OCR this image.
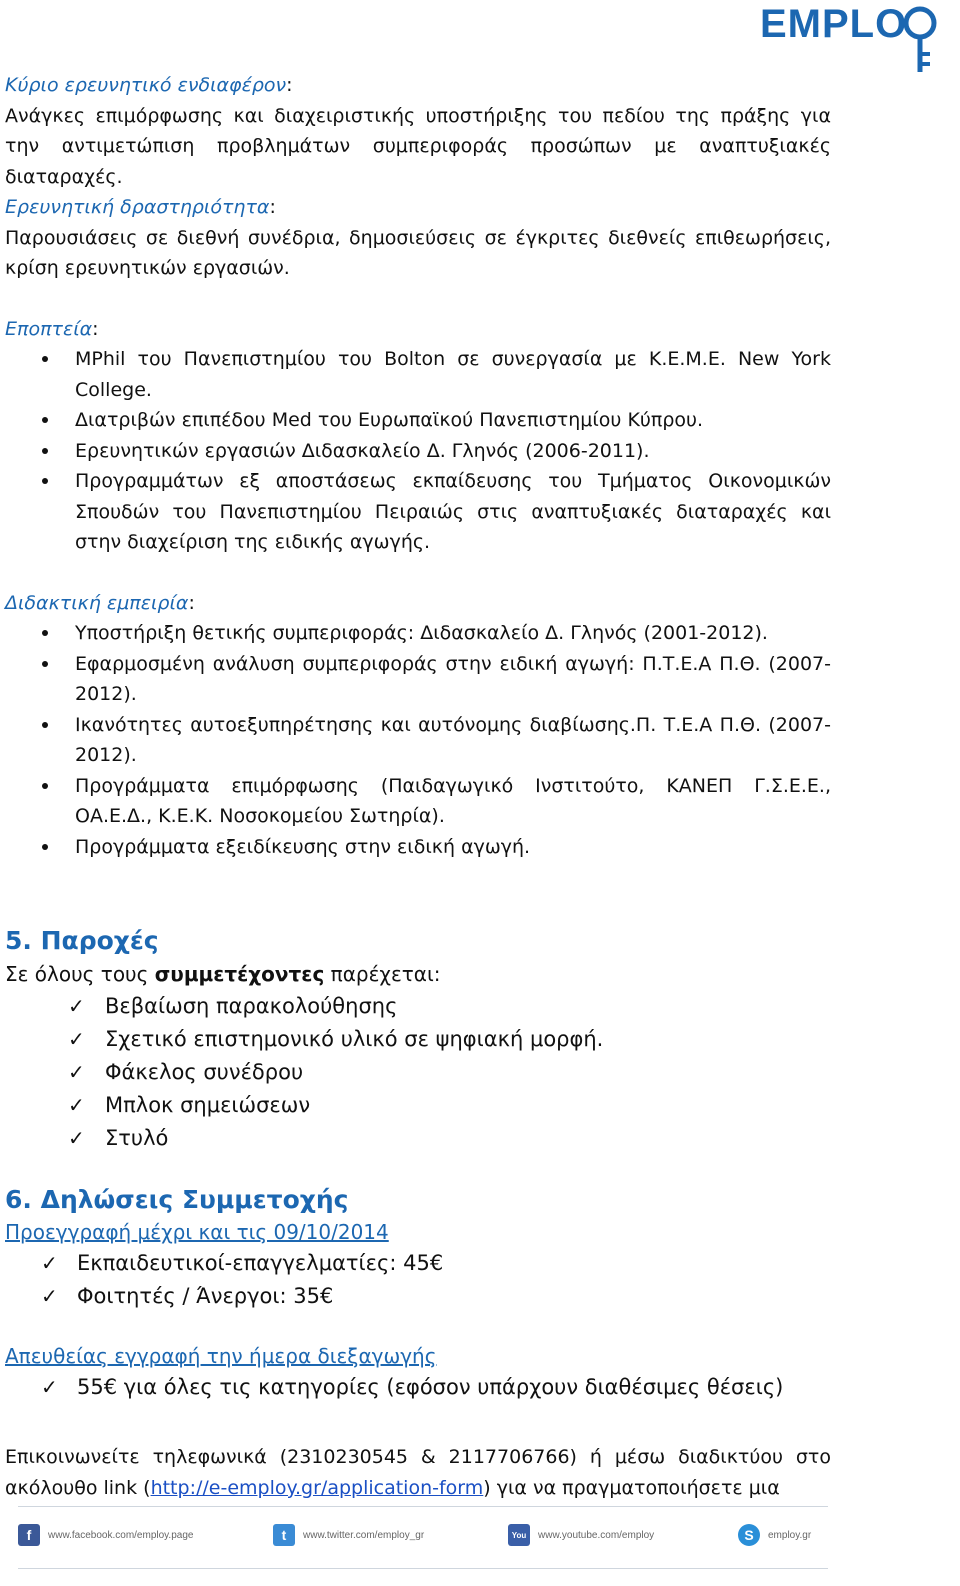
EMPLO

Κύριο ερευνητικό ενδιαφέρον:
Ανάγκες επιμόρφωσης και διαχειριστικής υποστήριξης του πεδίου της πράξης για την αντιμετώπιση προβλημάτων συμπεριφοράς προσώπων με αναπτυξιακές διαταραχές.

Ερευνητική δραστηριότητα:
Παρουσιάσεις σε διεθνή συνέδρια, δημοσιεύσεις σε έγκριτες διεθνείς επιθεωρήσεις, κρίση ερευνητικών εργασιών.

Εποπτεία:

MPhil του Πανεπιστημίου του Bolton σε συνεργασία με Κ.Ε.Μ.Ε. New York College.
Διατριβών επιπέδου Med του Ευρωπαϊκού Πανεπιστημίου Κύπρου.
Ερευνητικών εργασιών Διδασκαλείο Δ. Γληνός (2006-2011).
Προγραμμάτων εξ αποστάσεως εκπαίδευσης του Τμήματος Οικονομικών Σπουδών του Πανεπιστημίου Πειραιώς στις αναπτυξιακές διαταραχές και στην διαχείριση της ειδικής αγωγής.

Διδακτική εμπειρία:

Υποστήριξη θετικής συμπεριφοράς: Διδασκαλείο Δ. Γληνός (2001-2012).
Εφαρμοσμένη ανάλυση συμπεριφοράς στην ειδική αγωγή: Π.Τ.Ε.Α Π.Θ. (2007-2012).
Ικανότητες αυτοεξυπηρέτησης και αυτόνομης διαβίωσης.Π. Τ.Ε.Α Π.Θ. (2007-2012).
Προγράμματα επιμόρφωσης (Παιδαγωγικό Ινστιτούτο, ΚΑΝΕΠ Γ.Σ.Ε.Ε., ΟΑ.Ε.Δ., Κ.Ε.Κ. Νοσοκομείου Σωτηρία).
Προγράμματα εξειδίκευσης στην ειδική αγωγή.
5. Παροχές

Σε όλους τους συμμετέχοντες παρέχεται:

✓ Βεβαίωση παρακολούθησης
✓ Σχετικό επιστημονικό υλικό σε ψηφιακή μορφή.
✓ Φάκελος συνέδρου
✓ Μπλοκ σημειώσεων
✓ Στυλό
6. Δηλώσεις Συμμετοχής

Προεγγραφή μέχρι και τις 09/10/2014

✓ Εκπαιδευτικοί-επαγγελματίες: 45€
✓ Φοιτητές / Άνεργοι: 35€

Απευθείας εγγραφή την ήμερα διεξαγωγής

✓ 55€ για όλες τις κατηγορίες (εφόσον υπάρχουν διαθέσιμες θέσεις)

Επικοινωνείτε τηλεφωνικά (2310230545 & 2117706766) ή μέσω διαδικτύου στο ακόλουθο link (http://e-employ.gr/application-form) για να πραγματοποιήσετε μια

f	www.facebook.com/employ.page	t	www.twitter.com/employ_gr	You	www.youtube.com/employ	S	employ.gr
